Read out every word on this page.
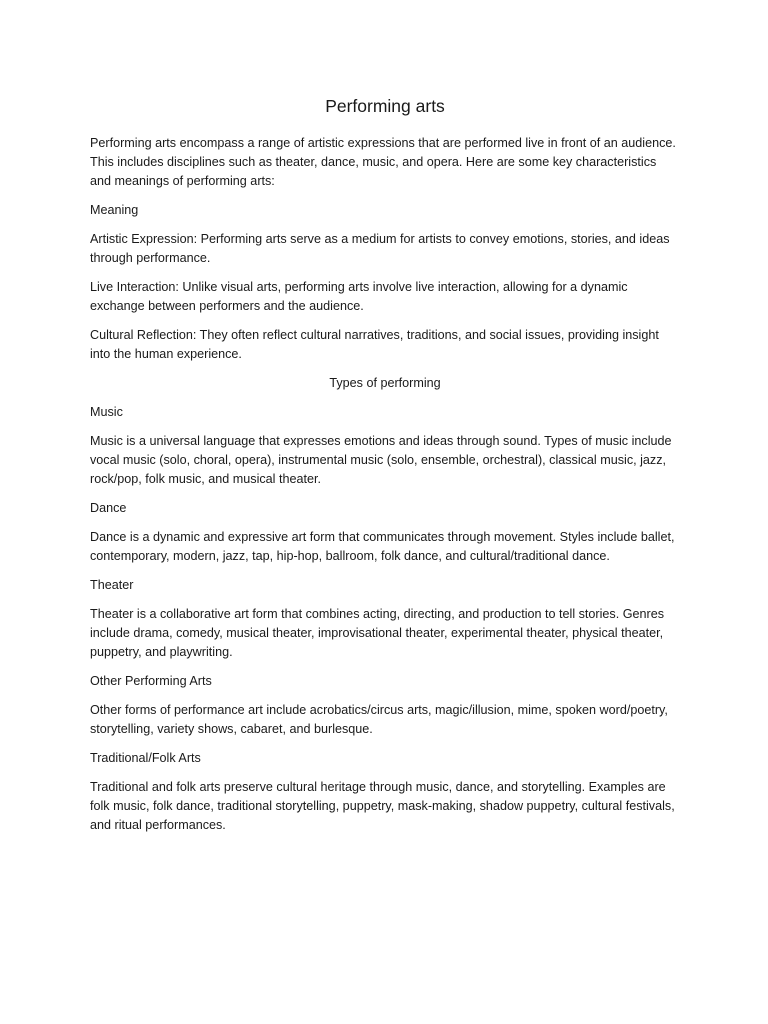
Performing arts

Performing arts encompass a range of artistic expressions that are performed live in front of an audience. This includes disciplines such as theater, dance, music, and opera. Here are some key characteristics and meanings of performing arts:

Meaning

Artistic Expression: Performing arts serve as a medium for artists to convey emotions, stories, and ideas through performance.

Live Interaction: Unlike visual arts, performing arts involve live interaction, allowing for a dynamic exchange between performers and the audience.

Cultural Reflection: They often reflect cultural narratives, traditions, and social issues, providing insight into the human experience.

Types of performing

Music

Music is a universal language that expresses emotions and ideas through sound. Types of music include vocal music (solo, choral, opera), instrumental music (solo, ensemble, orchestral), classical music, jazz, rock/pop, folk music, and musical theater.

Dance

Dance is a dynamic and expressive art form that communicates through movement. Styles include ballet, contemporary, modern, jazz, tap, hip-hop, ballroom, folk dance, and cultural/traditional dance.

Theater

Theater is a collaborative art form that combines acting, directing, and production to tell stories. Genres include drama, comedy, musical theater, improvisational theater, experimental theater, physical theater, puppetry, and playwriting.

Other Performing Arts

Other forms of performance art include acrobatics/circus arts, magic/illusion, mime, spoken word/poetry, storytelling, variety shows, cabaret, and burlesque.

Traditional/Folk Arts

Traditional and folk arts preserve cultural heritage through music, dance, and storytelling. Examples are folk music, folk dance, traditional storytelling, puppetry, mask-making, shadow puppetry, cultural festivals, and ritual performances.
